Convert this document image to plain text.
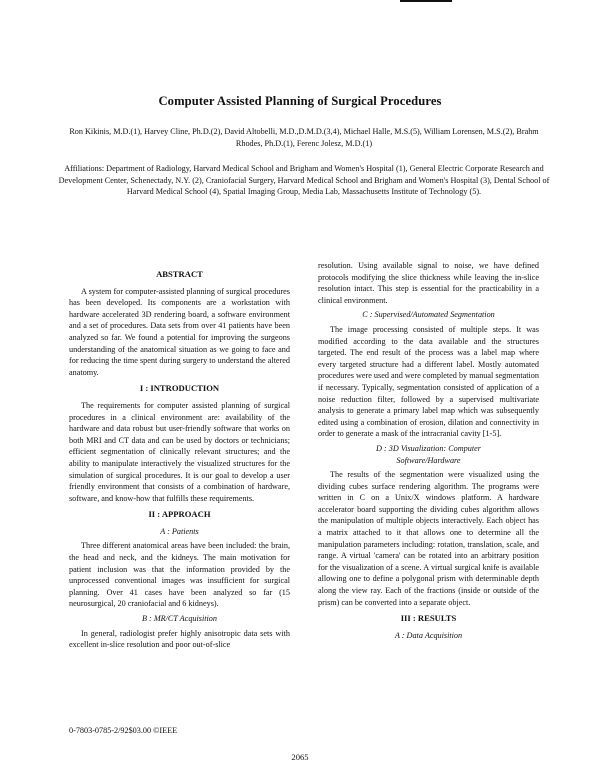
Computer Assisted Planning of Surgical Procedures
Ron Kikinis, M.D.(1), Harvey Cline, Ph.D.(2), David Altobelli, M.D.,D.M.D.(3,4), Michael Halle, M.S.(5), William Lorensen, M.S.(2), Brahm Rhodes, Ph.D.(1), Ferenc Jolesz, M.D.(1)
Affiliations: Department of Radiology, Harvard Medical School and Brigham and Women's Hospital (1), General Electric Corporate Research and Development Center, Schenectady, N.Y. (2), Craniofacial Surgery, Harvard Medical School and Brigham and Women's Hospital (3), Dental School of Harvard Medical School (4), Spatial Imaging Group, Media Lab, Massachusetts Institute of Technology (5).
ABSTRACT

A system for computer-assisted planning of surgical procedures has been developed. Its components are a workstation with hardware accelerated 3D rendering board, a software environment and a set of procedures. Data sets from over 41 patients have been analyzed so far. We found a potential for improving the surgeons understanding of the anatomical situation as we going to face and for reducing the time spent during surgery to understand the altered anatomy.

I : INTRODUCTION

The requirements for computer assisted planning of surgical procedures in a clinical environment are: availability of the hardware and data robust but user-friendly software that works on both MRI and CT data and can be used by doctors or technicians; efficient segmentation of clinically relevant structures; and the ability to manipulate interactively the visualized structures for the simulation of surgical procedures. It is our goal to develop a user friendly environment that consists of a combination of hardware, software, and know-how that fulfills these requirements.

II : APPROACH
A : Patients

Three different anatomical areas have been included: the brain, the head and neck, and the kidneys. The main motivation for patient inclusion was that the information provided by the unprocessed conventional images was insufficient for surgical planning. Over 41 cases have been analyzed so far (15 neurosurgical, 20 craniofacial and 6 kidneys).

B : MR/CT Acquisition

In general, radiologist prefer highly anisotropic data sets with excellent in-slice resolution and poor out-of-slice

resolution. Using available signal to noise, we have defined protocols modifying the slice thickness while leaving the in-slice resolution intact. This step is essential for the practicability in a clinical environment.

C : Supervised/Automated Segmentation

The image processing consisted of multiple steps. It was modified according to the data available and the structures targeted. The end result of the process was a label map where every targeted structure had a different label. Mostly automated procedures were used and were completed by manual segmentation if necessary. Typically, segmentation consisted of application of a noise reduction filter, followed by a supervised multivariate analysis to generate a primary label map which was subsequently edited using a combination of erosion, dilation and connectivity in order to generate a mask of the intracranial cavity [1-5].

D : 3D Visualization: Computer
Software/Hardware

The results of the segmentation were visualized using the dividing cubes surface rendering algorithm. The programs were written in C on a Unix/X windows platform. A hardware accelerator board supporting the dividing cubes algorithm allows the manipulation of multiple objects interactively. Each object has a matrix attached to it that allows one to determine all the manipulation parameters including: rotation, translation, scale, and range. A virtual 'camera' can be rotated into an arbitrary position for the visualization of a scene. A virtual surgical knife is available allowing one to define a polygonal prism with determinable depth along the view ray. Each of the fractions (inside or outside of the prism) can be converted into a separate object.

III : RESULTS
A : Data Acquisition
0-7803-0785-2/92$03.00 ©IEEE
2065
